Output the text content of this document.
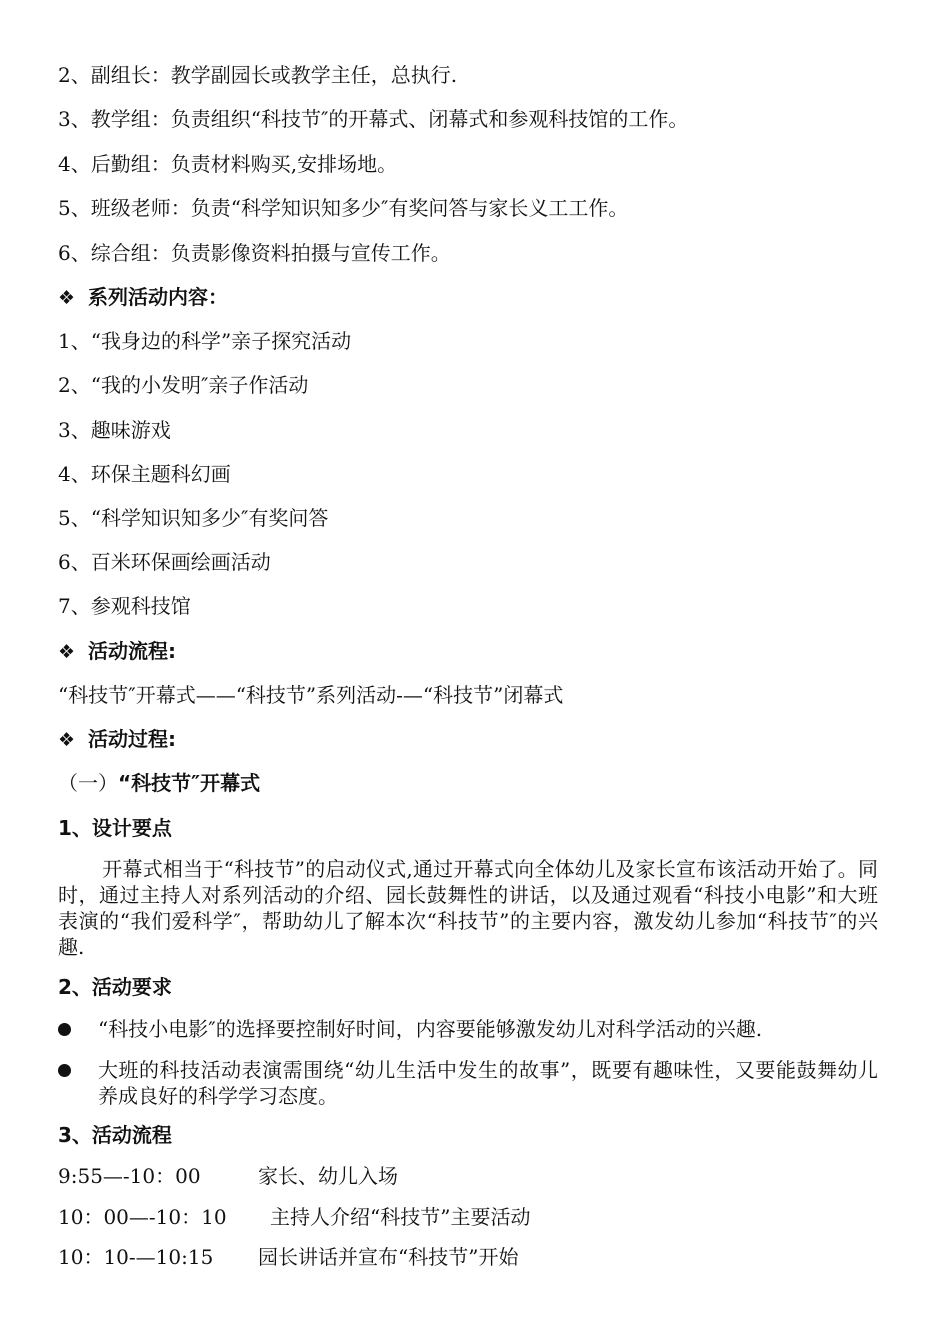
2、副组长：教学副园长或教学主任，总执行.
3、教学组：负责组织“科技节″的开幕式、闭幕式和参观科技馆的工作。
4、后勤组：负责材料购买,安排场地。
5、班级老师：负责“科学知识知多少″有奖问答与家长义工工作。
6、综合组：负责影像资料拍摄与宣传工作。
❖ 系列活动内容：
1、“我身边的科学”亲子探究活动
2、“我的小发明″亲子作活动
3、趣味游戏
4、环保主题科幻画
5、“科学知识知多少″有奖问答
6、百米环保画绘画活动
7、参观科技馆
❖ 活动流程:
“科技节″开幕式——“科技节”系列活动-—“科技节”闭幕式
❖ 活动过程:
（一）“科技节″开幕式
1、设计要点
开幕式相当于“科技节”的启动仪式,通过开幕式向全体幼儿及家长宣布该活动开始了。同时，通过主持人对系列活动的介绍、园长鼓舞性的讲话，以及通过观看“科技小电影”和大班表演的“我们爱科学″，帮助幼儿了解本次“科技节”的主要内容，激发幼儿参加“科技节″的兴趣.
2、活动要求
“科技小电影″的选择要控制好时间，内容要能够激发幼儿对科学活动的兴趣.
大班的科技活动表演需围绕“幼儿生活中发生的故事”，既要有趣味性，又要能鼓舞幼儿养成良好的科学学习态度。
3、活动流程
9:55—-10：00	家长、幼儿入场
10：00—-10：10 主持人介绍“科技节”主要活动
10：10-—10:15 园长讲话并宣布“科技节”开始
